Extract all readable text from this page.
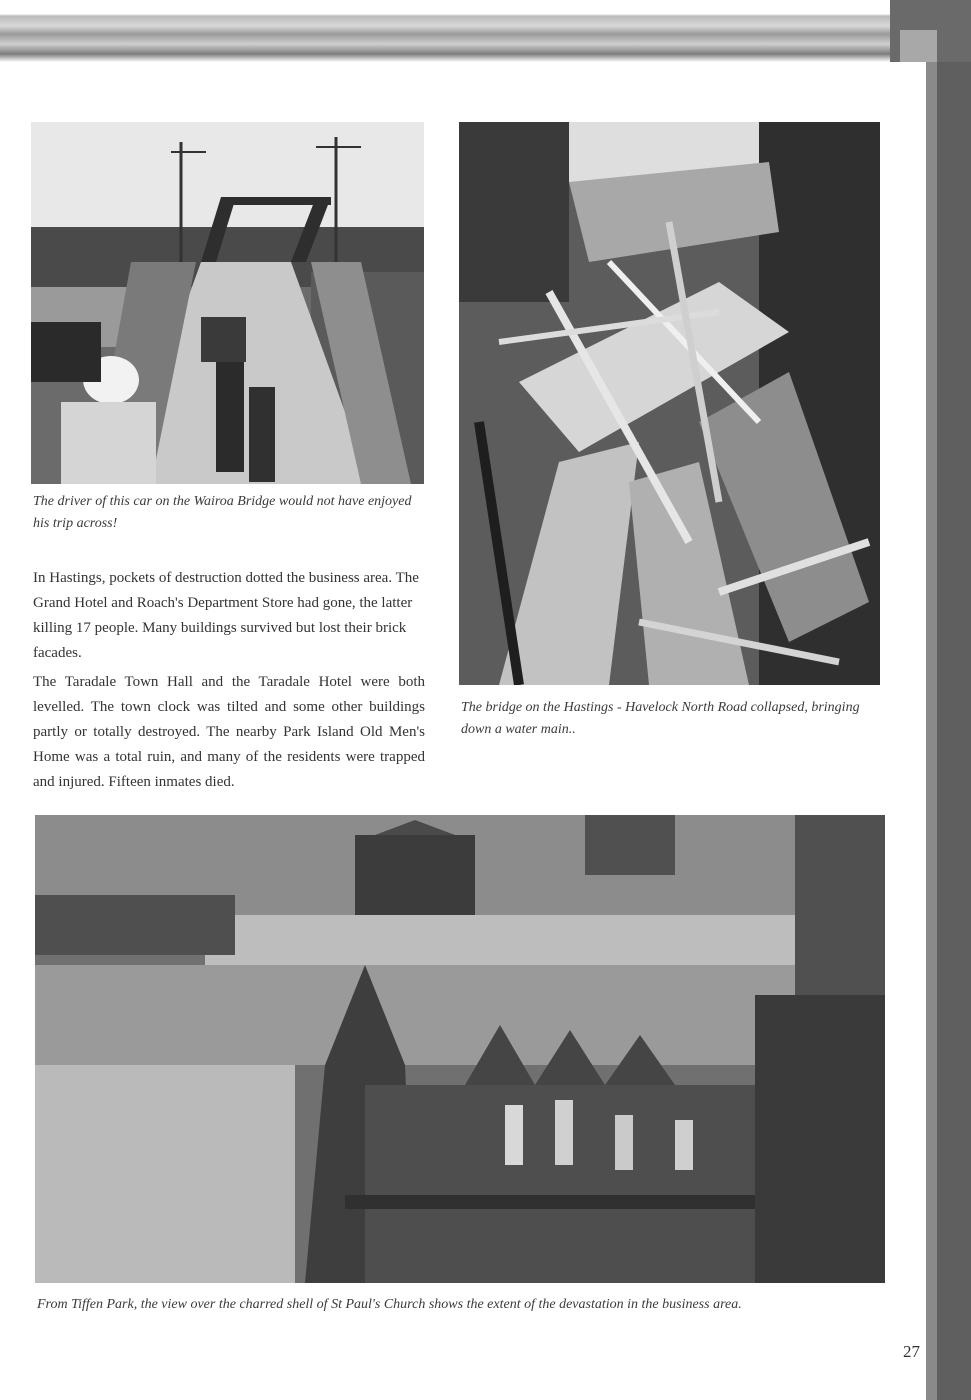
The driver of this car on the Wairoa Bridge would not have enjoyed his trip across!

In Hastings, pockets of destruction dotted the business area. The Grand Hotel and Roach's Department Store had gone, the latter killing 17 people. Many buildings survived but lost their brick facades.

The Taradale Town Hall and the Taradale Hotel were both levelled. The town clock was tilted and some other buildings partly or totally destroyed. The nearby Park Island Old Men's Home was a total ruin, and many of the residents were trapped and injured. Fifteen inmates died.

The bridge on the Hastings - Havelock North Road collapsed, bringing down a water main..

From Tiffen Park, the view over the charred shell of St Paul's Church shows the extent of the devastation in the business area.

27
